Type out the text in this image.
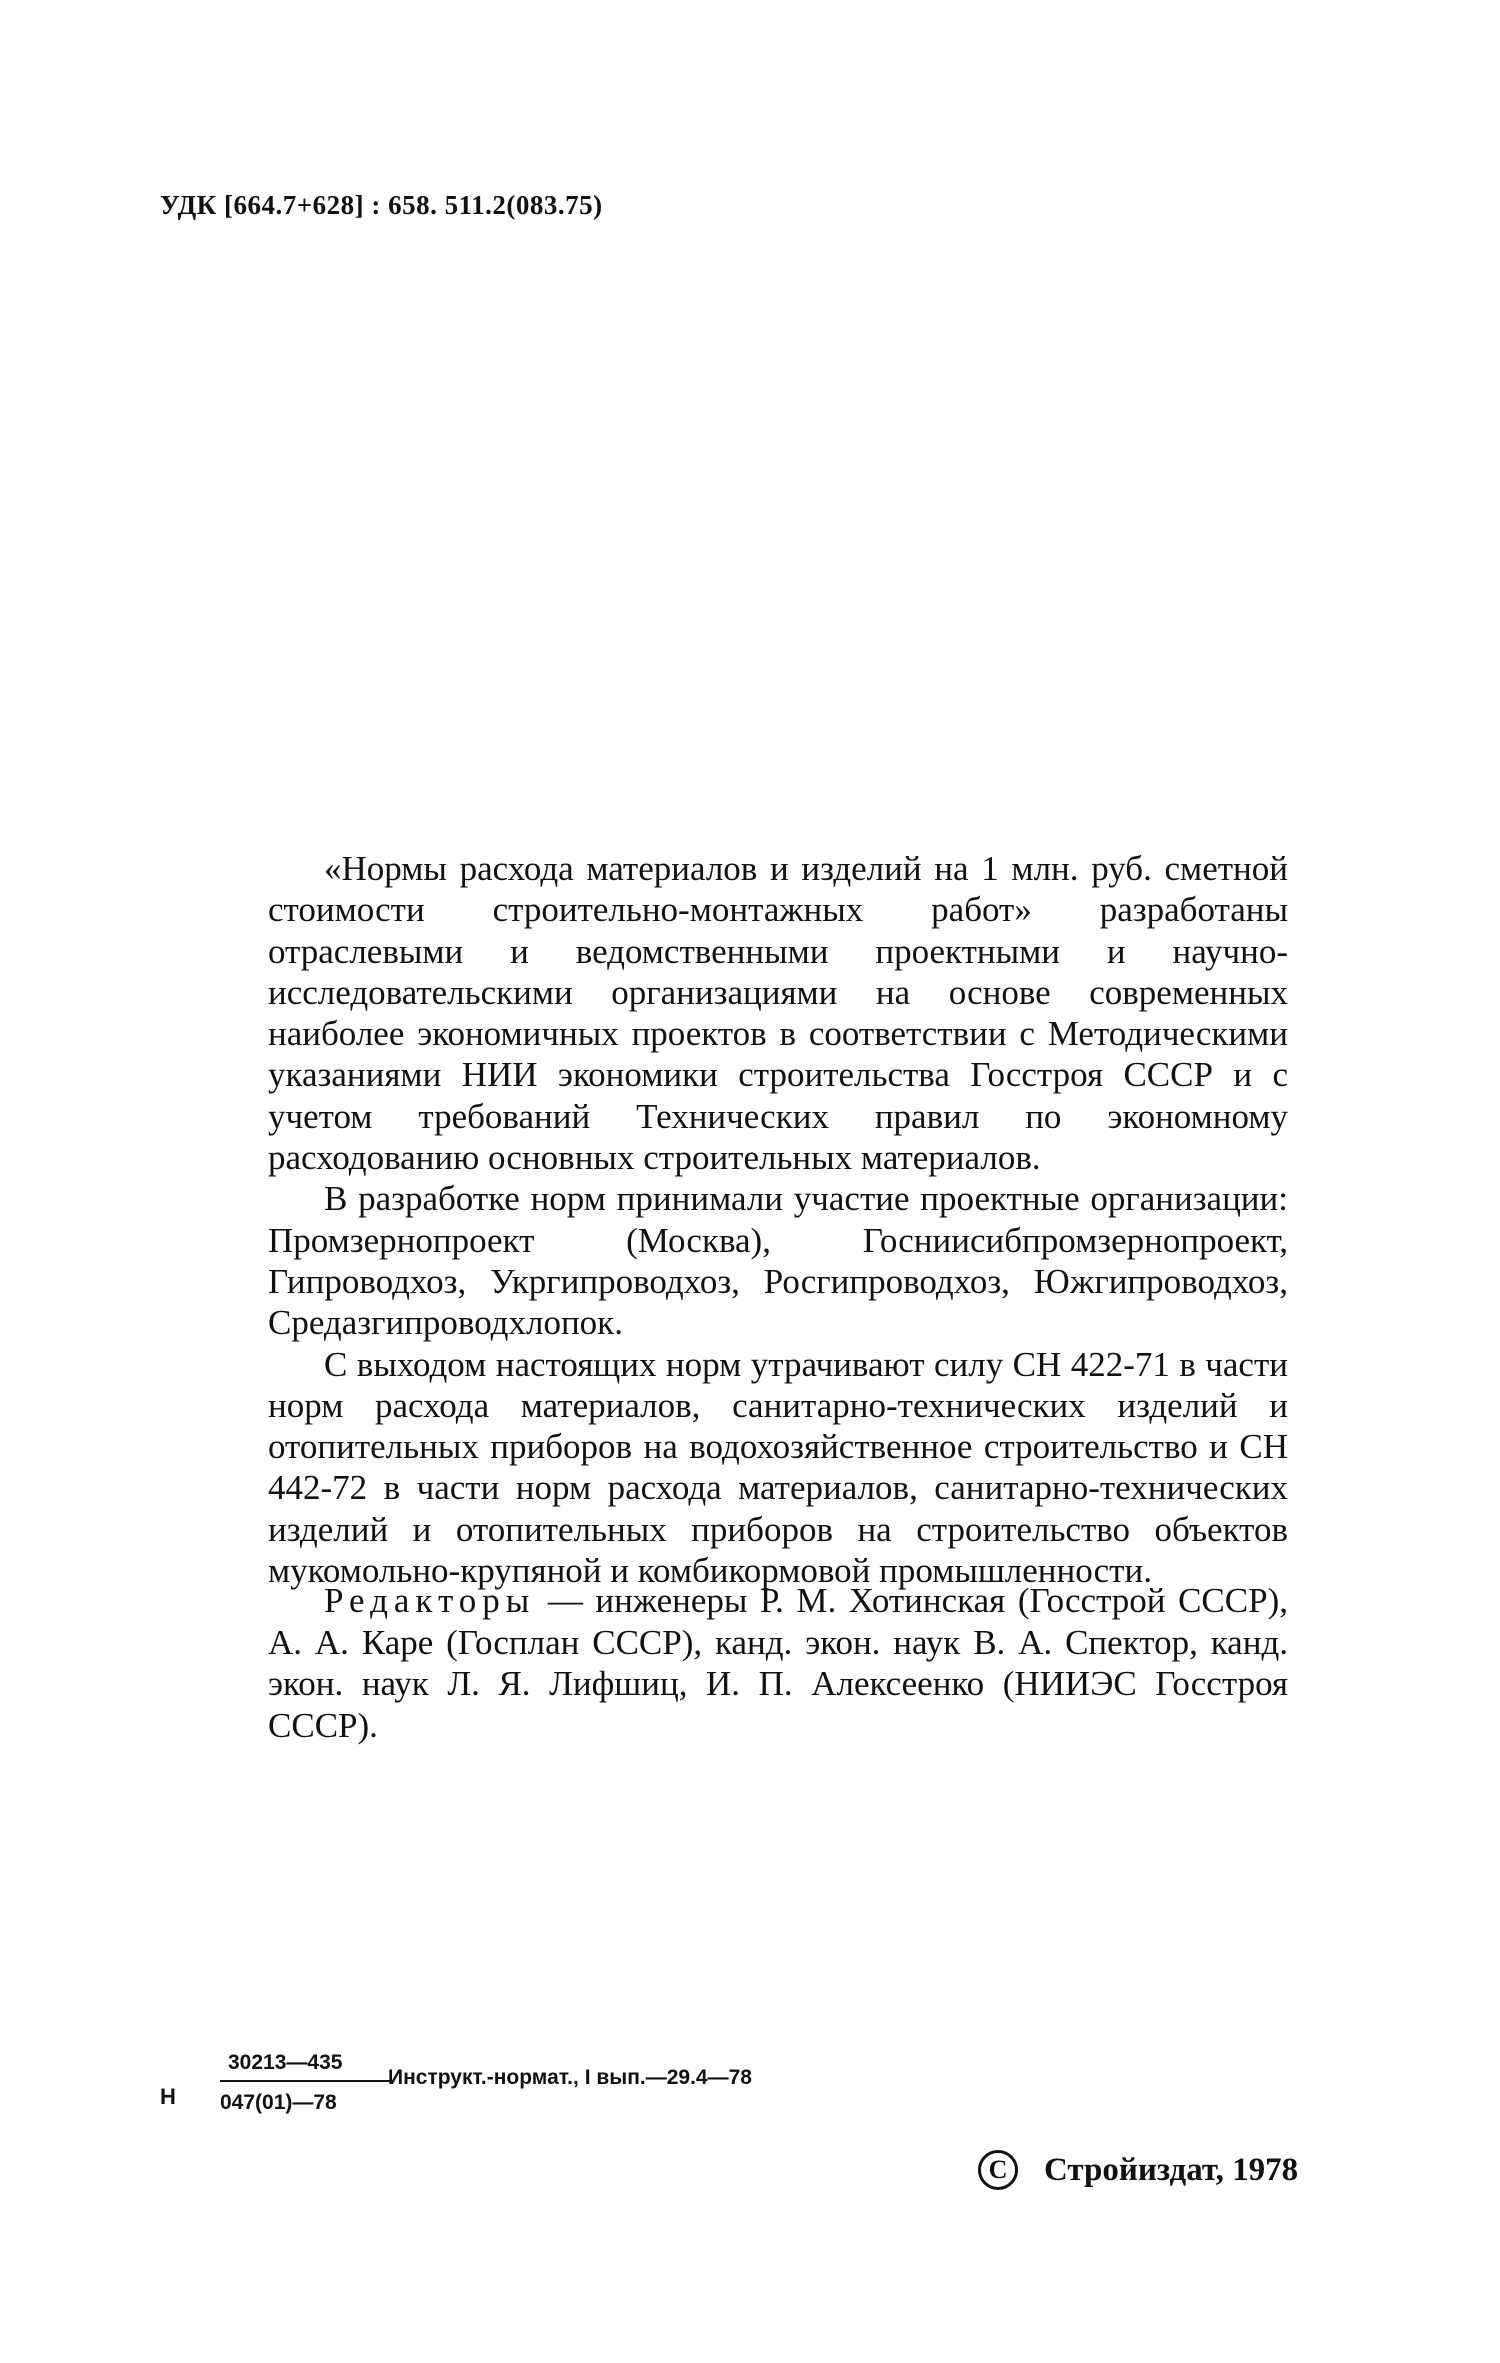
УДК [664.7+628] : 658. 511.2(083.75)

«Нормы расхода материалов и изделий на 1 млн. руб. сметной стоимости строительно-монтажных работ» разработаны отраслевыми и ведомственными проектными и научно-исследовательскими организациями на основе современных наиболее экономичных проектов в соответствии с Методическими указаниями НИИ экономики строительства Госстроя СССР и с учетом требований Технических правил по экономному расходованию основных строительных материалов.

В разработке норм принимали участие проектные организации: Промзернопроект (Москва), Госниисибпромзернопроект, Гипроводхоз, Укргипроводхоз, Росгипроводхоз, Южгипроводхоз, Средазгипроводхлопок.

С выходом настоящих норм утрачивают силу СН 422-71 в части норм расхода материалов, санитарно-технических изделий и отопительных приборов на водохозяйственное строительство и СН 442-72 в части норм расхода материалов, санитарно-технических изделий и отопительных приборов на строительство объектов мукомольно-крупяной и комбикормовой промышленности.

Редакторы — инженеры Р. М. Хотинская (Госстрой СССР), А. А. Каре (Госплан СССР), канд. экон. наук В. А. Спектор, канд. экон. наук Л. Я. Лифшиц, И. П. Алексеенко (НИИЭС Госстроя СССР).

Н
30213—435
047(01)—78
Инструкт.-нормат., I вып.—29.4—78
C	Стройиздат, 1978
